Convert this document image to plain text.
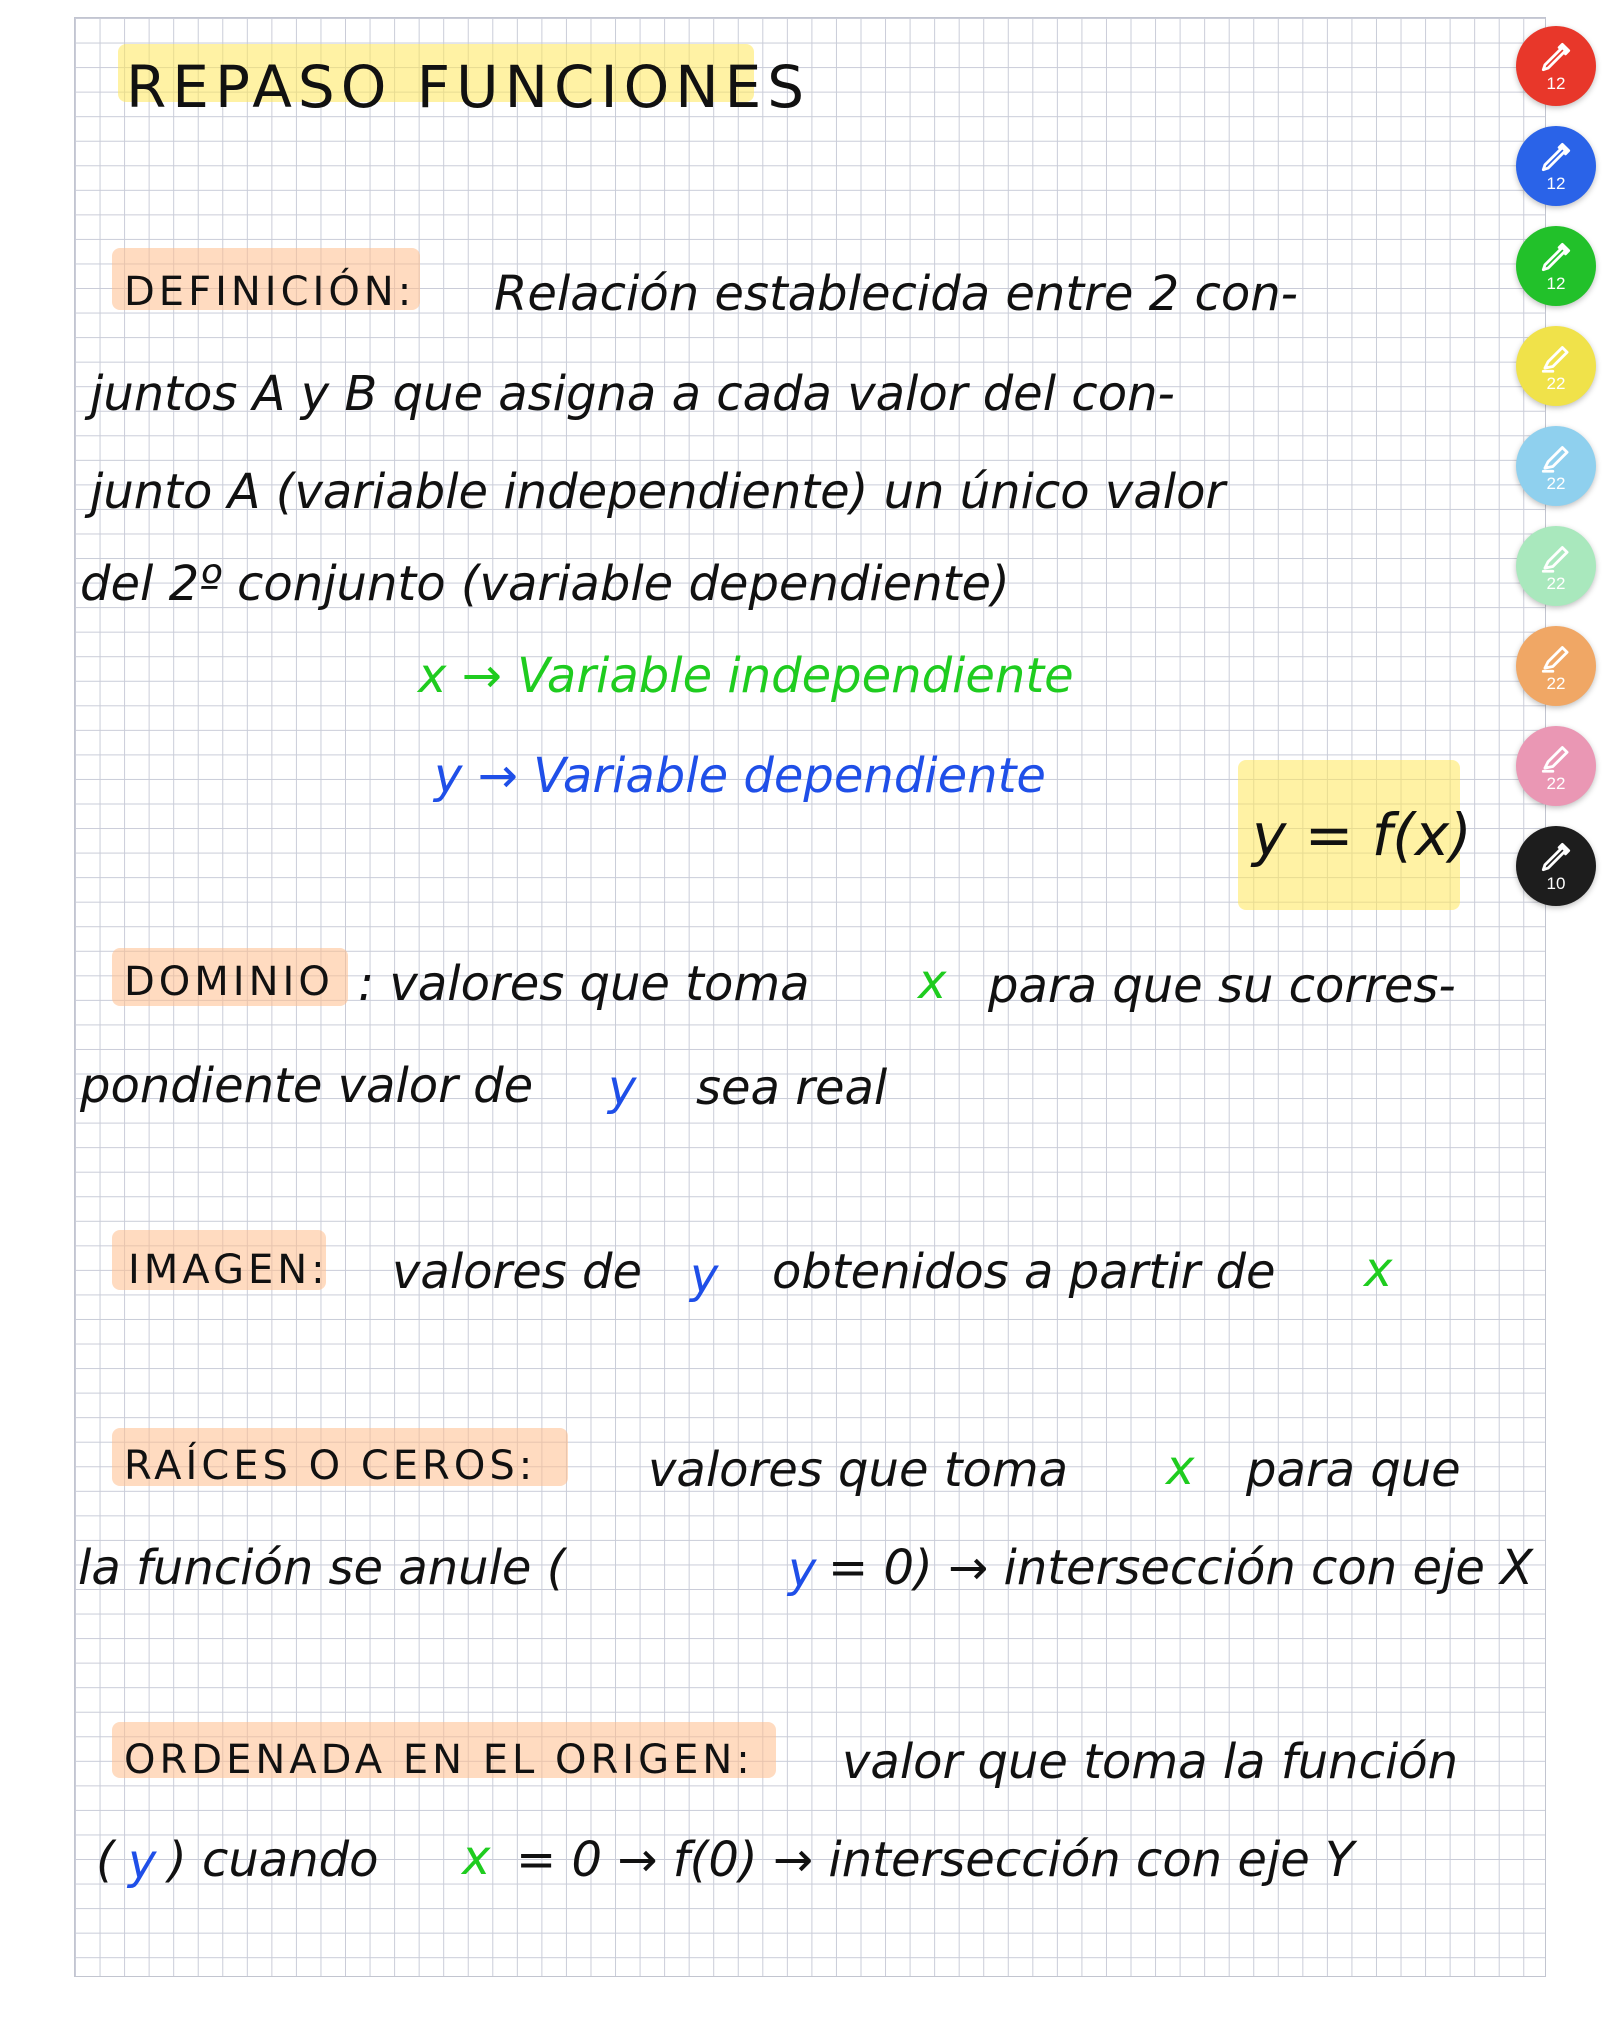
REPASO FUNCIONES
DEFINICIÓN: Relación establecida entre 2 con-
juntos A y B que asigna a cada valor del con-
junto A (variable independiente) un único valor
del 2º conjunto (variable dependiente)
x → Variable independiente
y → Variable dependiente
y = f(x)
DOMINIO : valores que toma x para que su corres-
pondiente valor de y sea real
IMAGEN: valores de y obtenidos a partir de x
RAÍCES O CEROS: valores que toma x para que
la función se anule (	y = 0) → intersección con eje X
ORDENADA EN EL ORIGEN: valor que toma la función
( y ) cuando x = 0 → f(0) → intersección con eje Y
12
12
12
22
22
22
22
22
10
